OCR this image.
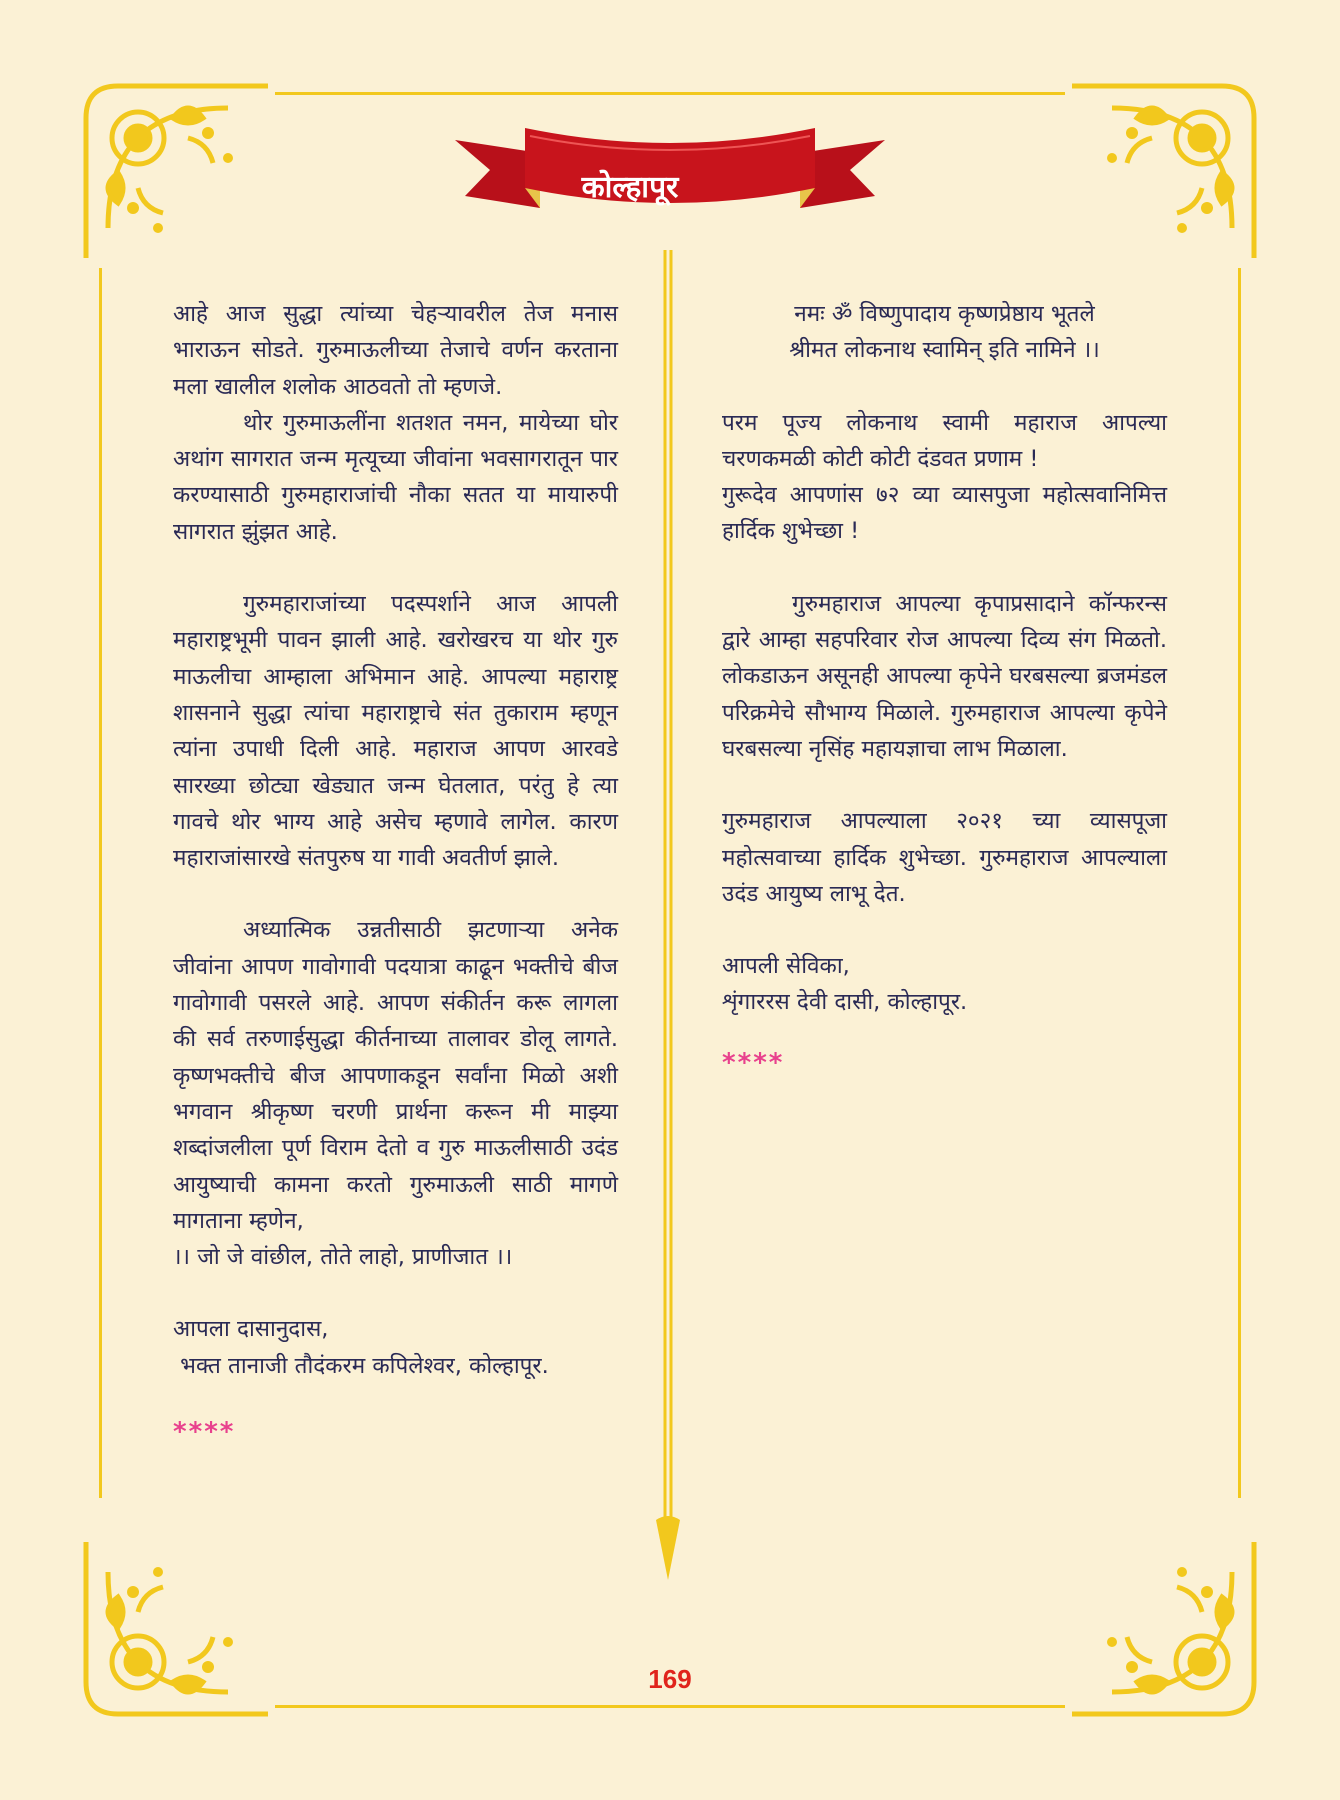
कोल्हापूर

आहे आज सुद्धा त्यांच्या चेहऱ्यावरील तेज मनास भाराऊन सोडते. गुरुमाऊलीच्या तेजाचे वर्णन करताना मला खालील शलोक आठवतो तो म्हणजे.

थोर गुरुमाऊलींना शतशत नमन, मायेच्या घोर अथांग सागरात जन्म मृत्यूच्या जीवांना भवसागरातून पार करण्यासाठी गुरुमहाराजांची नौका सतत या मायारुपी सागरात झुंझत आहे.

गुरुमहाराजांच्या पदस्पर्शाने आज आपली महाराष्ट्रभूमी पावन झाली आहे. खरोखरच या थोर गुरु माऊलीचा आम्हाला अभिमान आहे. आपल्या महाराष्ट्र शासनाने सुद्धा त्यांचा महाराष्ट्राचे संत तुकाराम म्हणून त्यांना उपाधी दिली आहे. महाराज आपण आरवडे सारख्या छोट्या खेड्यात जन्म घेतलात, परंतु हे त्या गावचे थोर भाग्य आहे असेच म्हणावे लागेल. कारण महाराजांसारखे संतपुरुष या गावी अवतीर्ण झाले.

अध्यात्मिक उन्नतीसाठी झटणाऱ्या अनेक जीवांना आपण गावोगावी पदयात्रा काढून भक्तीचे बीज गावोगावी पसरले आहे. आपण संकीर्तन करू लागला की सर्व तरुणाईसुद्धा कीर्तनाच्या तालावर डोलू लागते. कृष्णभक्तीचे बीज आपणाकडून सर्वांना मिळो अशी भगवान श्रीकृष्ण चरणी प्रार्थना करून मी माझ्या शब्दांजलीला पूर्ण विराम देतो व गुरु माऊलीसाठी उदंड आयुष्याची कामना करतो गुरुमाऊली साठी मागणे मागताना म्हणेन,

।। जो जे वांछील, तोते लाहो, प्राणीजात ।।

आपला दासानुदास,

भक्त तानाजी तौदंकरम कपिलेश्वर, कोल्हापूर.

****

नमः ॐ विष्णुपादाय कृष्णप्रेष्ठाय भूतले

श्रीमत लोकनाथ स्वामिन् इति नामिने ।।

परम पूज्य लोकनाथ स्वामी महाराज आपल्या चरणकमळी कोटी कोटी दंडवत प्रणाम !

गुरूदेव आपणांस ७२ व्या व्यासपुजा महोत्सवानिमित्त हार्दिक शुभेच्छा !

गुरुमहाराज आपल्या कृपाप्रसादाने कॉन्फरन्स द्वारे आम्हा सहपरिवार रोज आपल्या दिव्य संग मिळतो. लोकडाऊन असूनही आपल्या कृपेने घरबसल्या ब्रजमंडल परिक्रमेचे सौभाग्य मिळाले. गुरुमहाराज आपल्या कृपेने घरबसल्या नृसिंह महायज्ञाचा लाभ मिळाला.

गुरुमहाराज आपल्याला २०२१ च्या व्यासपूजा महोत्सवाच्या हार्दिक शुभेच्छा. गुरुमहाराज आपल्याला उदंड आयुष्य लाभू देत.

आपली सेविका,

शृंगाररस देवी दासी, कोल्हापूर.

****

169
